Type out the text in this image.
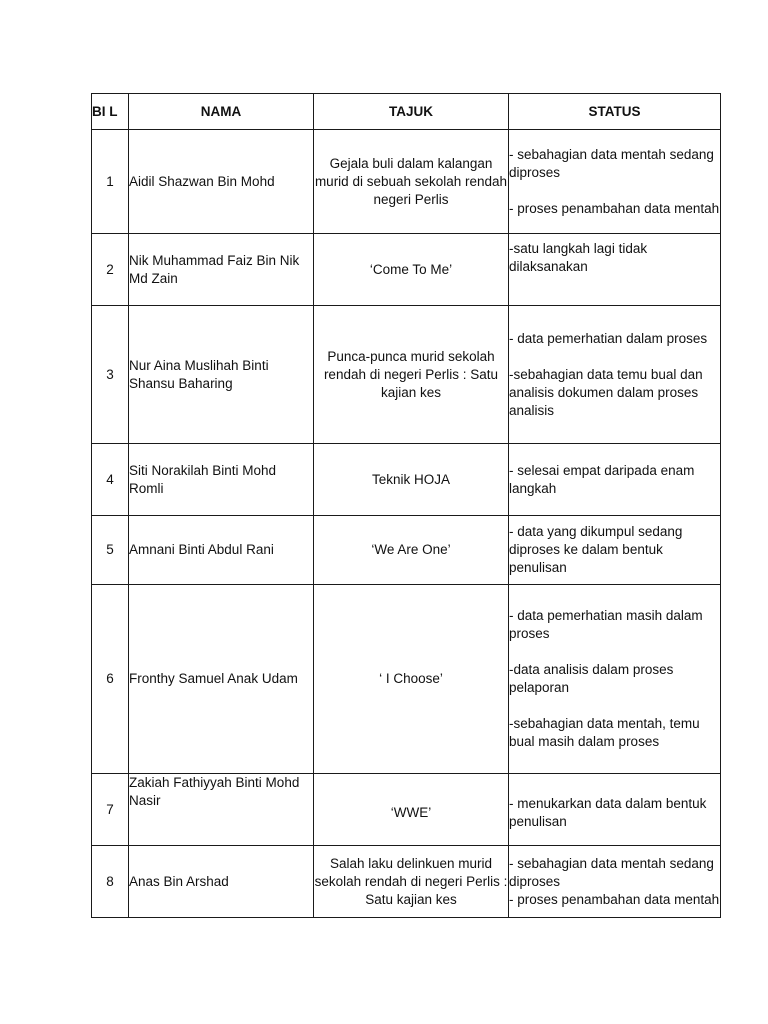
BI L	NAMA	TAJUK	STATUS
1	Aidil Shazwan Bin Mohd	Gejala buli dalam kalangan murid di sebuah sekolah rendah negeri Perlis	- sebahagian data mentah sedang diproses

- proses penambahan data mentah

2	Nik Muhammad Faiz Bin Nik Md Zain	‘Come To Me’	-satu langkah lagi tidak dilaksanakan

3	Nur Aina Muslihah Binti Shansu Baharing	Punca-punca murid sekolah rendah di negeri Perlis : Satu kajian kes	- data pemerhatian dalam proses

-sebahagian data temu bual dan analisis dokumen dalam proses analisis

4	Siti Norakilah Binti Mohd Romli	Teknik HOJA	- selesai empat daripada enam langkah

5	Amnani Binti Abdul Rani	‘We Are One’	- data yang dikumpul sedang diproses ke dalam bentuk penulisan

6	Fronthy Samuel Anak Udam	‘ I Choose’	- data pemerhatian masih dalam proses

-data analisis dalam proses pelaporan

-sebahagian data mentah, temu bual masih dalam proses

7	Zakiah Fathiyyah Binti Mohd Nasir	‘WWE’	- menukarkan data dalam bentuk penulisan

8	Anas Bin Arshad	Salah laku delinkuen murid sekolah rendah di negeri Perlis : Satu kajian kes	- sebahagian data mentah sedang diproses

- proses penambahan data mentah
